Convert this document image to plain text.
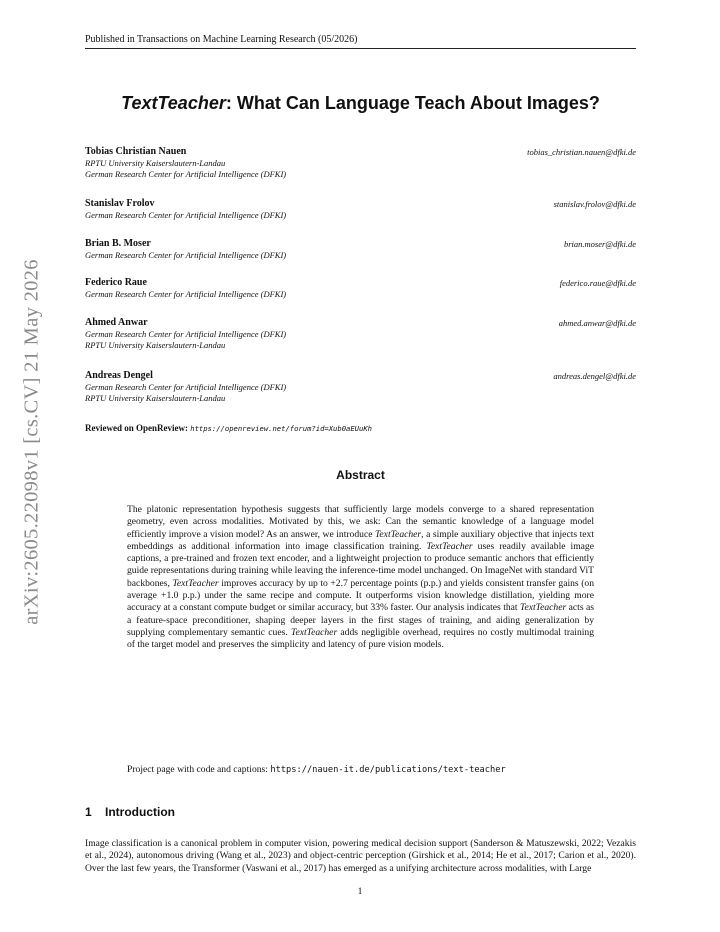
Published in Transactions on Machine Learning Research (05/2026)
arXiv:2605.22098v1 [cs.CV] 21 May 2026
TextTeacher: What Can Language Teach About Images?
Tobias Christian Nauen	tobias_christian.nauen@dfki.de
RPTU University Kaiserslautern-Landau
German Research Center for Artificial Intelligence (DFKI)
Stanislav Frolov	stanislav.frolov@dfki.de
German Research Center for Artificial Intelligence (DFKI)
Brian B. Moser	brian.moser@dfki.de
German Research Center for Artificial Intelligence (DFKI)
Federico Raue	federico.raue@dfki.de
German Research Center for Artificial Intelligence (DFKI)
Ahmed Anwar	ahmed.anwar@dfki.de
German Research Center for Artificial Intelligence (DFKI)
RPTU University Kaiserslautern-Landau
Andreas Dengel	andreas.dengel@dfki.de
German Research Center for Artificial Intelligence (DFKI)
RPTU University Kaiserslautern-Landau
Reviewed on OpenReview: https://openreview.net/forum?id=Xub0aEUuKh
Abstract
The platonic representation hypothesis suggests that sufficiently large models converge to a shared representation geometry, even across modalities. Motivated by this, we ask: Can the semantic knowledge of a language model efficiently improve a vision model? As an answer, we introduce TextTeacher, a simple auxiliary objective that injects text embeddings as additional information into image classification training. TextTeacher uses readily available image captions, a pre-trained and frozen text encoder, and a lightweight projection to produce semantic anchors that efficiently guide representations during training while leaving the inference-time model unchanged. On ImageNet with standard ViT backbones, TextTeacher improves accuracy by up to +2.7 percentage points (p.p.) and yields consistent transfer gains (on average +1.0 p.p.) under the same recipe and compute. It outperforms vision knowledge distillation, yielding more accuracy at a constant compute budget or similar accuracy, but 33% faster. Our analysis indicates that TextTeacher acts as a feature-space preconditioner, shaping deeper layers in the first stages of training, and aiding generalization by supplying complementary semantic cues. TextTeacher adds negligible overhead, requires no costly multimodal training of the target model and preserves the simplicity and latency of pure vision models.
Project page with code and captions: https://nauen-it.de/publications/text-teacher
1 Introduction
Image classification is a canonical problem in computer vision, powering medical decision support (Sanderson & Matuszewski, 2022; Vezakis et al., 2024), autonomous driving (Wang et al., 2023) and object-centric perception (Girshick et al., 2014; He et al., 2017; Carion et al., 2020). Over the last few years, the Transformer (Vaswani et al., 2017) has emerged as a unifying architecture across modalities, with Large
1
